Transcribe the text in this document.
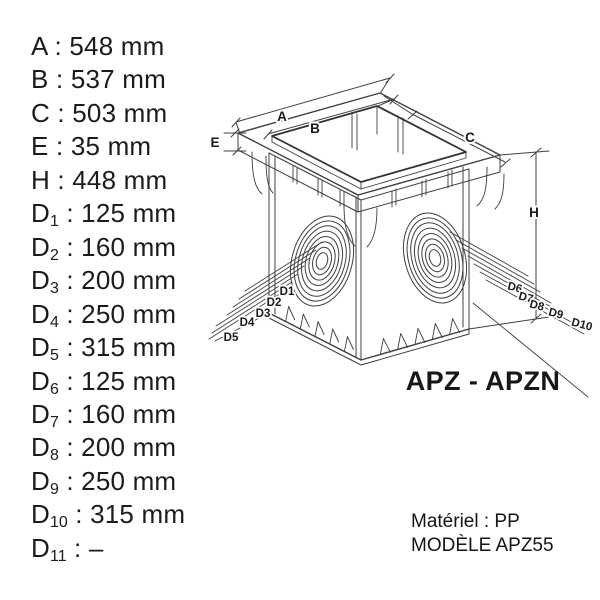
A : 548 mm
B : 537 mm
C : 503 mm
E : 35 mm
H : 448 mm
$D_1$ : 125 mm
$D_2$ : 160 mm
$D_3$ : 200 mm
$D_4$ : 250 mm
$D_5$ : 315 mm
$D_6$ : 125 mm
$D_7$ : 160 mm
$D_8$ : 200 mm
$D_9$ : 250 mm
$D_{10}$ : 315 mm
$D_{11}$ : –
A
B
C
E
H
D1
D2
D3
D4
D5
D6
D7
D8
D9
D10
APZ - APZN
Matériel : PP
MODÈLE APZ55
